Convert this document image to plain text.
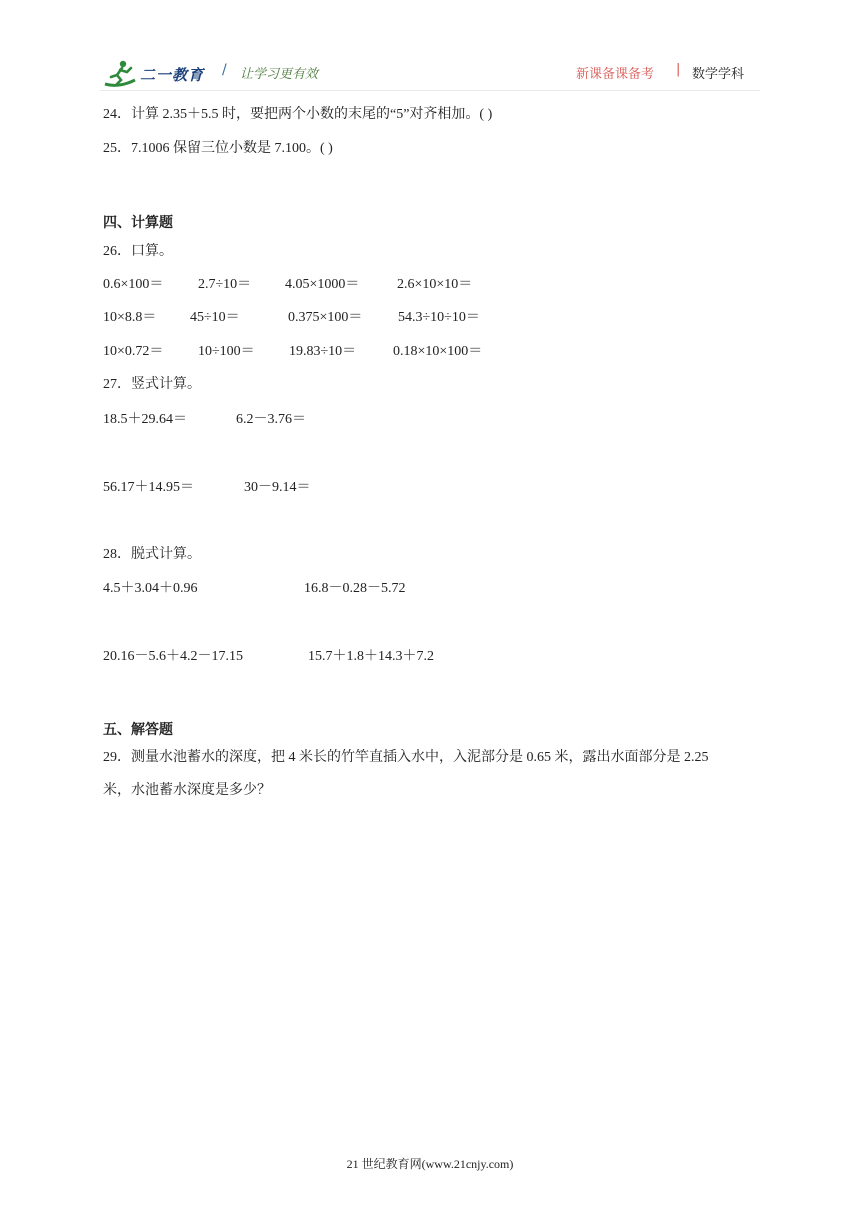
二一教育 / 让学习更有效	新课备课备考 | 数学学科
24．计算 2.35＋5.5 时，要把两个小数的末尾的“5”对齐相加。( )
25．7.1006 保留三位小数是 7.100。( )
四、计算题
26．口算。
0.6×100＝ 2.7÷10＝ 4.05×1000＝	2.6×10×10＝
10×8.8＝ 45÷10＝	0.375×100＝	54.3÷10÷10＝
10×0.72＝ 10÷100＝ 19.83÷10＝	0.18×10×100＝
27．竖式计算。
18.5＋29.64＝	6.2－3.76＝
56.17＋14.95＝	30－9.14＝
28．脱式计算。
4.5＋3.04＋0.96	16.8－0.28－5.72
20.16－5.6＋4.2－17.15	15.7＋1.8＋14.3＋7.2
五、解答题
29．测量水池蓄水的深度，把 4 米长的竹竿直插入水中，入泥部分是 0.65 米，露出水面部分是 2.25
米，水池蓄水深度是多少？
21 世纪教育网(www.21cnjy.com)
